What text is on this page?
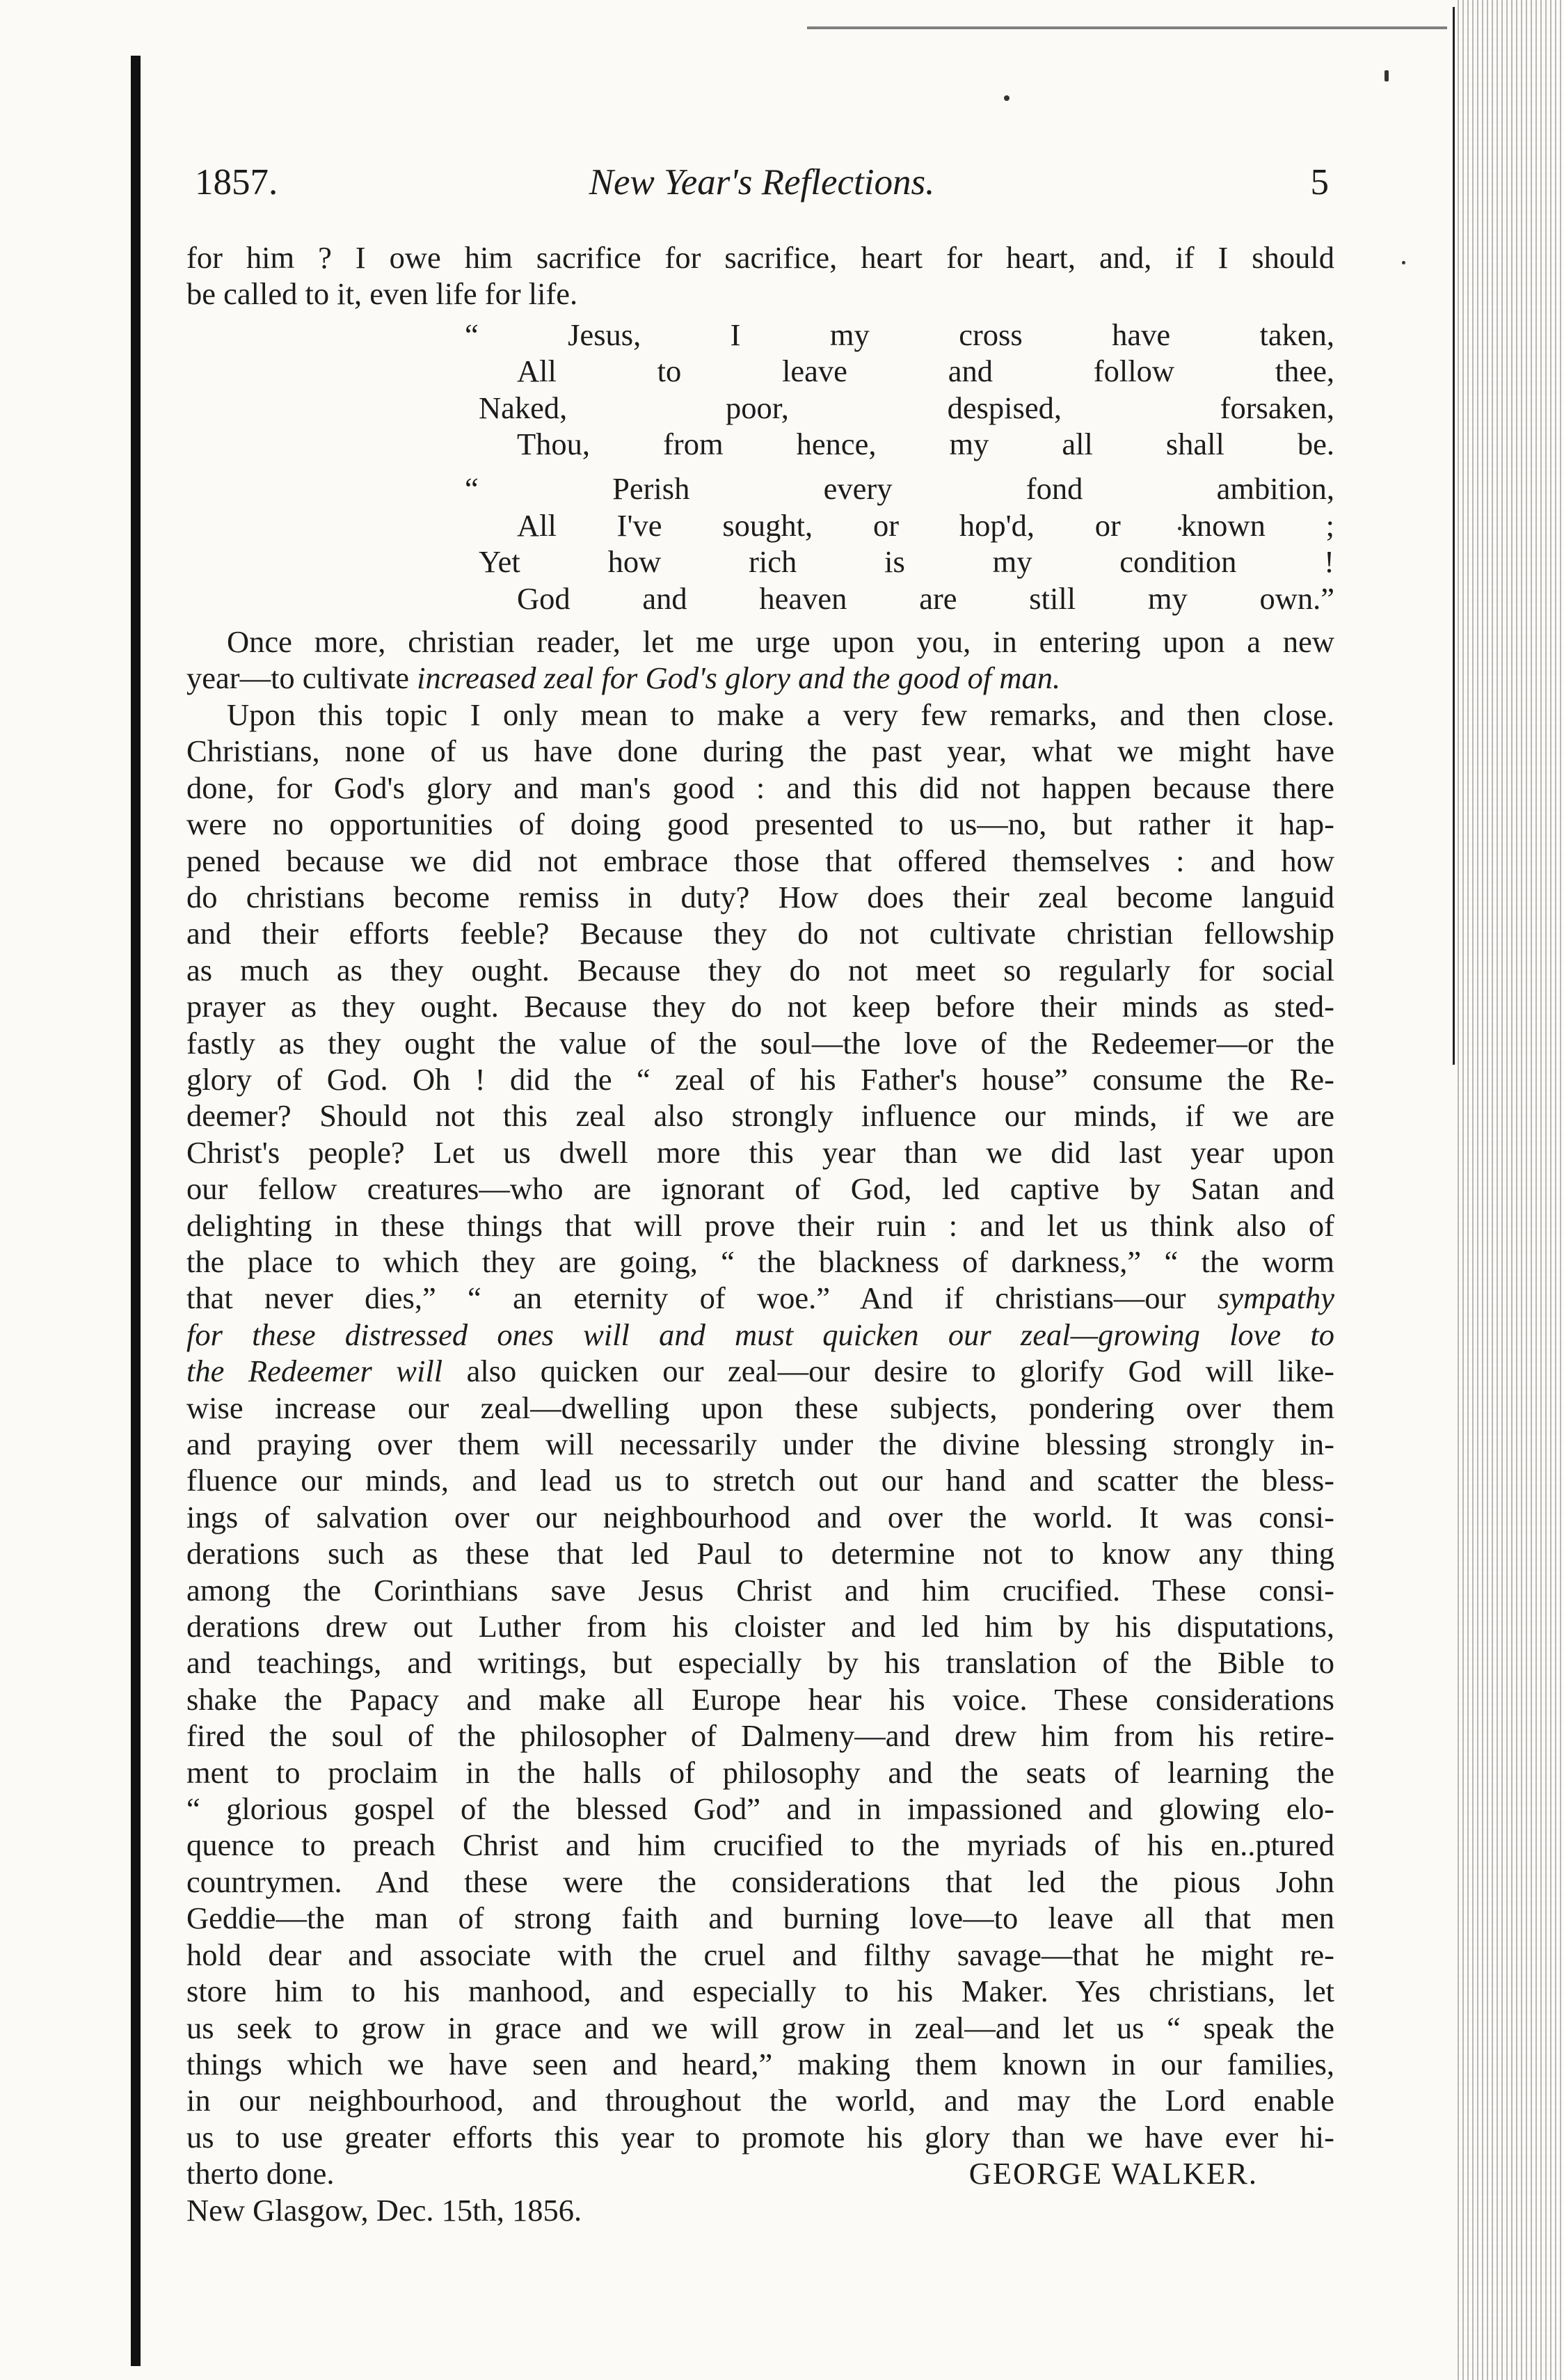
1857.	New Year's Reflections.	5

for him ? I owe him sacrifice for sacrifice, heart for heart, and, if I should

be called to it, even life for life.

“ Jesus, I my cross have taken,

All to leave and follow thee,

Naked, poor, despised, forsaken,

Thou, from hence, my all shall be.

“ Perish every fond ambition,

All I've sought, or hop'd, or known ;

Yet how rich is my condition !

God and heaven are still my own.”

Once more, christian reader, let me urge upon you, in entering upon a new

year—to cultivate increased zeal for God's glory and the good of man.

Upon this topic I only mean to make a very few remarks, and then close.

Christians, none of us have done during the past year, what we might have

done, for God's glory and man's good : and this did not happen because there

were no opportunities of doing good presented to us—no, but rather it hap-

pened because we did not embrace those that offered themselves : and how

do christians become remiss in duty? How does their zeal become languid

and their efforts feeble? Because they do not cultivate christian fellowship

as much as they ought. Because they do not meet so regularly for social

prayer as they ought. Because they do not keep before their minds as sted-

fastly as they ought the value of the soul—the love of the Redeemer—or the

glory of God. Oh ! did the “ zeal of his Father's house” consume the Re-

deemer? Should not this zeal also strongly influence our minds, if we are

Christ's people? Let us dwell more this year than we did last year upon

our fellow creatures—who are ignorant of God, led captive by Satan and

delighting in these things that will prove their ruin : and let us think also of

the place to which they are going, “ the blackness of darkness,” “ the worm

that never dies,” “ an eternity of woe.” And if christians—our sympathy

for these distressed ones will and must quicken our zeal—growing love to

the Redeemer will also quicken our zeal—our desire to glorify God will like-

wise increase our zeal—dwelling upon these subjects, pondering over them

and praying over them will necessarily under the divine blessing strongly in-

fluence our minds, and lead us to stretch out our hand and scatter the bless-

ings of salvation over our neighbourhood and over the world. It was consi-

derations such as these that led Paul to determine not to know any thing

among the Corinthians save Jesus Christ and him crucified. These consi-

derations drew out Luther from his cloister and led him by his disputations,

and teachings, and writings, but especially by his translation of the Bible to

shake the Papacy and make all Europe hear his voice. These considerations

fired the soul of the philosopher of Dalmeny—and drew him from his retire-

ment to proclaim in the halls of philosophy and the seats of learning the

“ glorious gospel of the blessed God” and in impassioned and glowing elo-

quence to preach Christ and him crucified to the myriads of his en..ptured

countrymen. And these were the considerations that led the pious John

Geddie—the man of strong faith and burning love—to leave all that men

hold dear and associate with the cruel and filthy savage—that he might re-

store him to his manhood, and especially to his Maker. Yes christians, let

us seek to grow in grace and we will grow in zeal—and let us “ speak the

things which we have seen and heard,” making them known in our families,

in our neighbourhood, and throughout the world, and may the Lord enable

us to use greater efforts this year to promote his glory than we have ever hi-

therto done.	GEORGE WALKER.

New Glasgow, Dec. 15th, 1856.
